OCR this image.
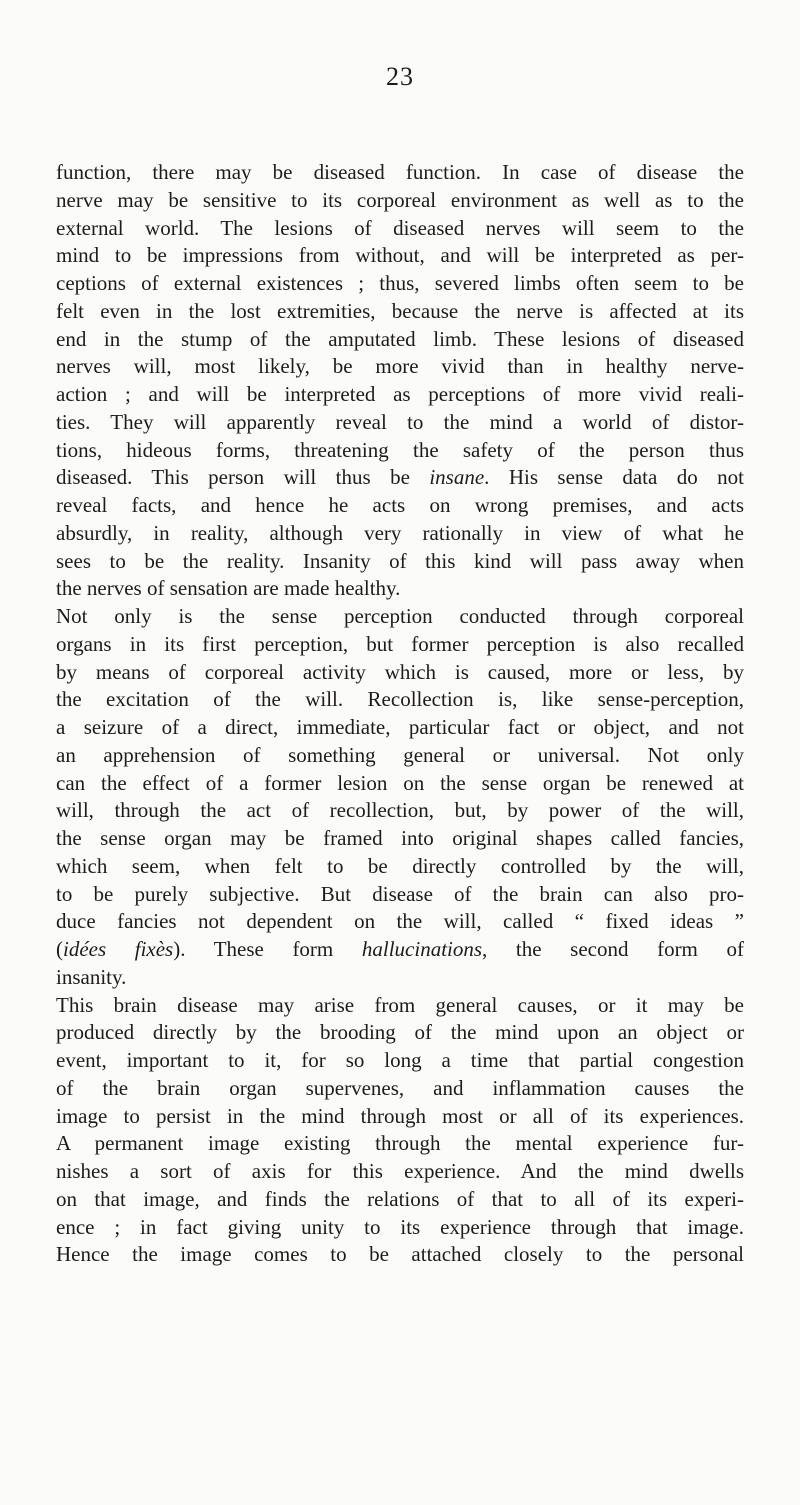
23
function, there may be diseased function. In case of disease the
nerve may be sensitive to its corporeal environment as well as to the
external world. The lesions of diseased nerves will seem to the
mind to be impressions from without, and will be interpreted as per-
ceptions of external existences ; thus, severed limbs often seem to be
felt even in the lost extremities, because the nerve is affected at its
end in the stump of the amputated limb. These lesions of diseased
nerves will, most likely, be more vivid than in healthy nerve-
action ; and will be interpreted as perceptions of more vivid reali-
ties. They will apparently reveal to the mind a world of distor-
tions, hideous forms, threatening the safety of the person thus
diseased. This person will thus be insane. His sense data do not
reveal facts, and hence he acts on wrong premises, and acts
absurdly, in reality, although very rationally in view of what he
sees to be the reality. Insanity of this kind will pass away when
the nerves of sensation are made healthy.
Not only is the sense perception conducted through corporeal
organs in its first perception, but former perception is also recalled
by means of corporeal activity which is caused, more or less, by
the excitation of the will. Recollection is, like sense-perception,
a seizure of a direct, immediate, particular fact or object, and not
an apprehension of something general or universal. Not only
can the effect of a former lesion on the sense organ be renewed at
will, through the act of recollection, but, by power of the will,
the sense organ may be framed into original shapes called fancies,
which seem, when felt to be directly controlled by the will,
to be purely subjective. But disease of the brain can also pro-
duce fancies not dependent on the will, called “ fixed ideas ”
(idées fixès). These form hallucinations, the second form of
insanity.
This brain disease may arise from general causes, or it may be
produced directly by the brooding of the mind upon an object or
event, important to it, for so long a time that partial congestion
of the brain organ supervenes, and inflammation causes the
image to persist in the mind through most or all of its experiences.
A permanent image existing through the mental experience fur-
nishes a sort of axis for this experience. And the mind dwells
on that image, and finds the relations of that to all of its experi-
ence ; in fact giving unity to its experience through that image.
Hence the image comes to be attached closely to the personal
